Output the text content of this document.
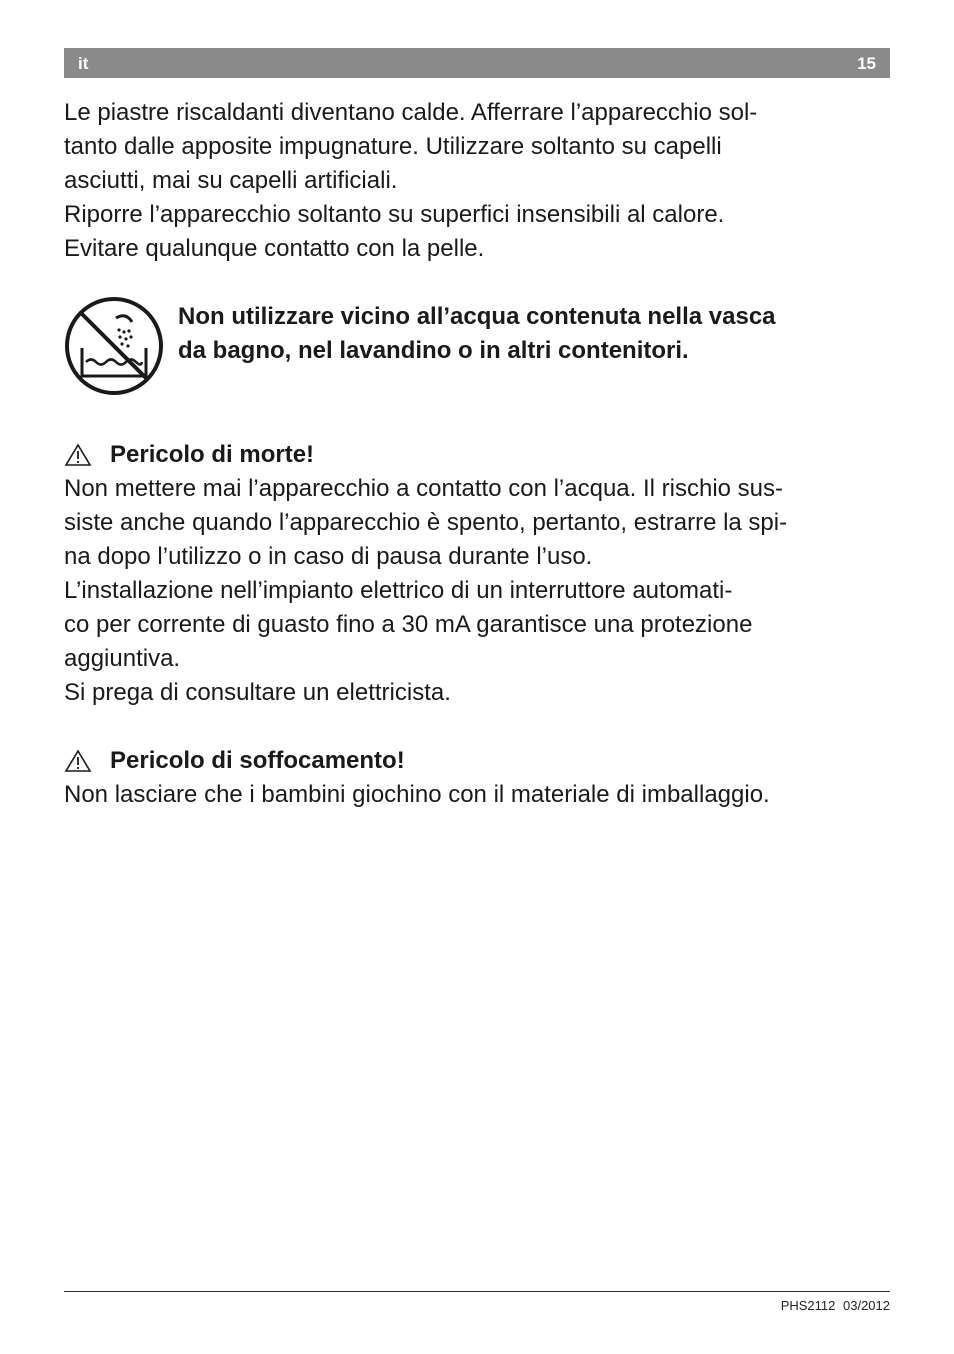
it	15

Le piastre riscaldanti diventano calde. Afferrare l’apparecchio sol-

tanto dalle apposite impugnature. Utilizzare soltanto su capelli

asciutti, mai su capelli artificiali.

Riporre l’apparecchio soltanto su superfici insensibili al calore.

Evitare qualunque contatto con la pelle.

Non utilizzare vicino all’acqua contenuta nella vasca
da bagno, nel lavandino o in altri contenitori.
Pericolo di morte!

Non mettere mai l’apparecchio a contatto con l’acqua. Il rischio sus-

siste anche quando l’apparecchio è spento, pertanto, estrarre la spi-

na dopo l’utilizzo o in caso di pausa durante l’uso.

L’installazione nell’impianto elettrico di un interruttore automati-

co per corrente di guasto fino a 30 mA garantisce una protezione

aggiuntiva.

Si prega di consultare un elettricista.

Pericolo di soffocamento!

Non lasciare che i bambini giochino con il materiale di imballaggio.

PHS2112 03/2012
